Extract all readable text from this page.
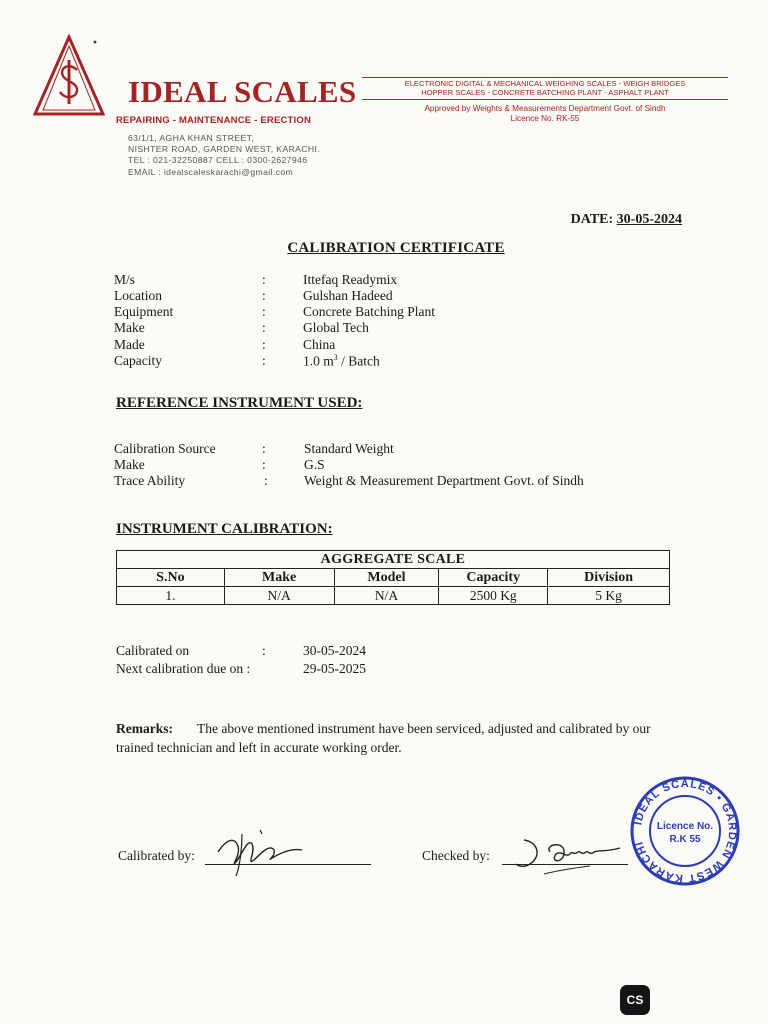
IDEAL SCALES
REPAIRING - MAINTENANCE - ERECTION
63/1/1, AGHA KHAN STREET,
NISHTER ROAD, GARDEN WEST, KARACHI.
TEL : 021-32250887 CELL : 0300-2627946
EMAIL : idealscaleskarachi@gmail.com
ELECTRONIC DIGITAL & MECHANICAL WEIGHING SCALES - WEIGH BRIDGES
HOPPER SCALES - CONCRETE BATCHING PLANT - ASPHALT PLANT
Approved by Weights & Measurements Department Govt. of Sindh
Licence No. RK-55
DATE: 30-05-2024
CALIBRATION CERTIFICATE
M/s	:	Ittefaq Readymix
Location	:	Gulshan Hadeed
Equipment	:	Concrete Batching Plant
Make	:	Global Tech
Made	:	China
Capacity	:	1.0 $m^3$ / Batch
REFERENCE INSTRUMENT USED:
Calibration Source	:	Standard Weight
Make	:	G.S
Trace Ability	:	Weight & Measurement Department Govt. of Sindh
INSTRUMENT CALIBRATION:
AGGREGATE SCALE				
S.No	Make	Model	Capacity	Division
1.	N/A	N/A	2500 Kg	5 Kg
Calibrated on	:	30-05-2024
Next calibration due on :	29-05-2025
Remarks: The above mentioned instrument have been serviced, adjusted and calibrated by our trained technician and left in accurate working order.
Calibrated by:	Checked by:
IDEAL SCALES • GARDEN WEST KARACHI
Licence No.
R.K 55
CS
